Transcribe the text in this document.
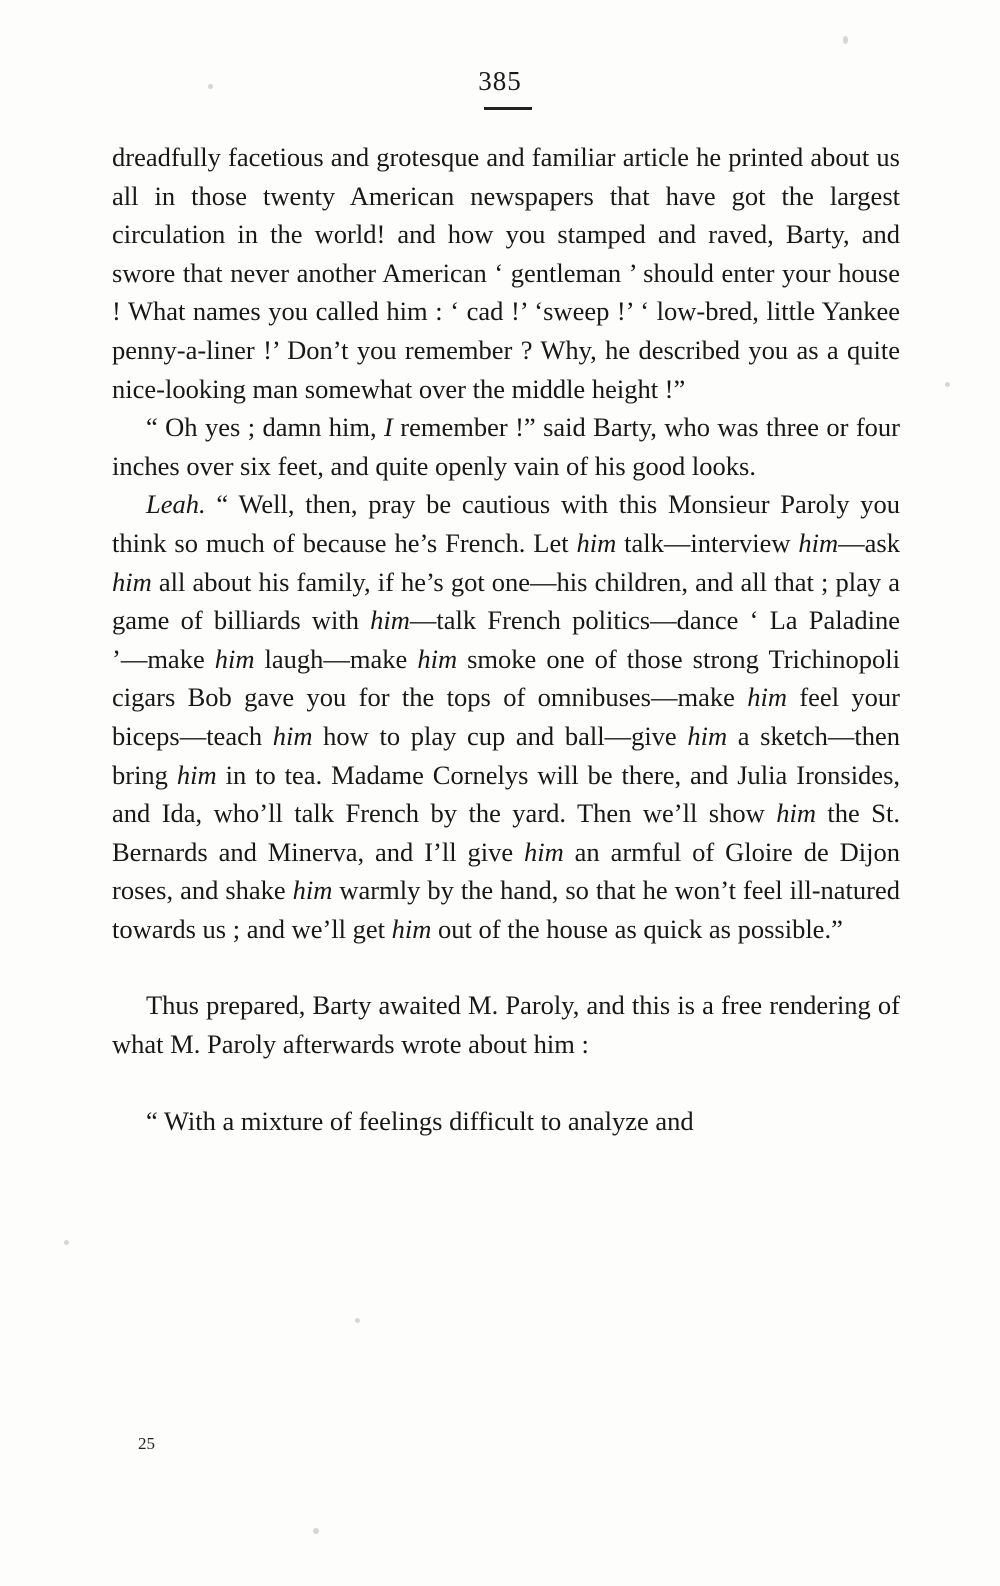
385

dreadfully facetious and grotesque and familiar article he printed about us all in those twenty American newspapers that have got the largest circulation in the world! and how you stamped and raved, Barty, and swore that never another American ‘ gentleman ’ should enter your house ! What names you called him : ‘ cad !’ ‘sweep !’ ‘ low-bred, little Yankee penny-a-liner !’ Don’t you remember ? Why, he described you as a quite nice-looking man somewhat over the middle height !”

“ Oh yes ; damn him, I remember !” said Barty, who was three or four inches over six feet, and quite openly vain of his good looks.

Leah. “ Well, then, pray be cautious with this Monsieur Paroly you think so much of because he’s French. Let him talk—interview him—ask him all about his family, if he’s got one—his children, and all that ; play a game of billiards with him—talk French politics—dance ‘ La Paladine ’—make him laugh—make him smoke one of those strong Trichinopoli cigars Bob gave you for the tops of omnibuses—make him feel your biceps—teach him how to play cup and ball—give him a sketch—then bring him in to tea. Madame Cornelys will be there, and Julia Ironsides, and Ida, who’ll talk French by the yard. Then we’ll show him the St. Bernards and Minerva, and I’ll give him an armful of Gloire de Dijon roses, and shake him warmly by the hand, so that he won’t feel ill-natured towards us ; and we’ll get him out of the house as quick as possible.”

Thus prepared, Barty awaited M. Paroly, and this is a free rendering of what M. Paroly afterwards wrote about him :

“ With a mixture of feelings difficult to analyze and

25
